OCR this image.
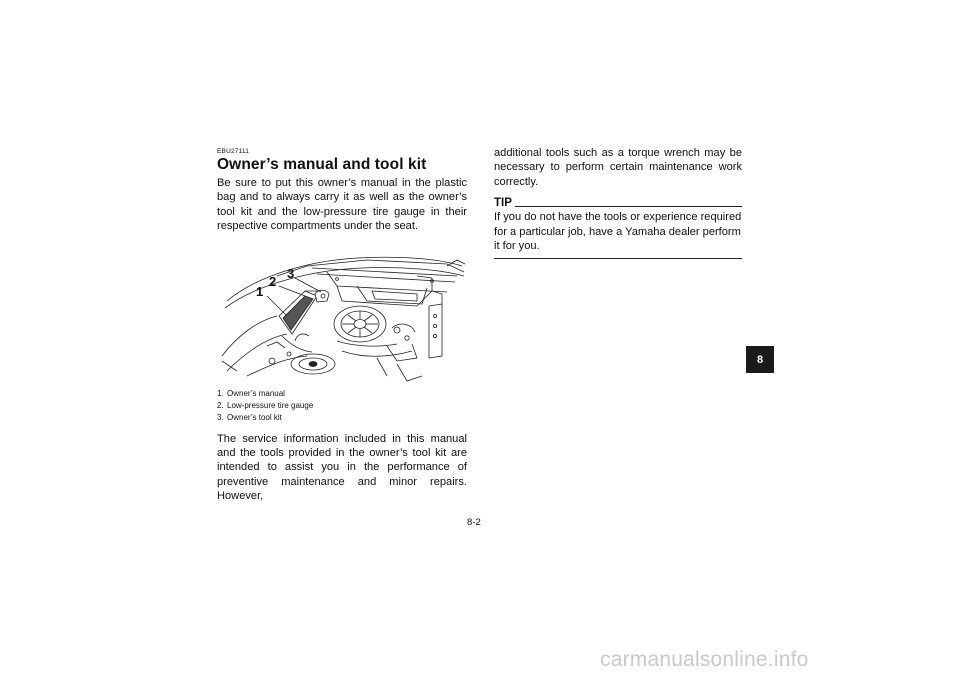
EBU27111

Owner’s manual and tool kit

Be sure to put this owner’s manual in the plastic bag and to always carry it as well as the owner’s tool kit and the low-pressure tire gauge in their respective compartments under the seat.

1
2
3

1. Owner’s manual

2. Low-pressure tire gauge

3. Owner’s tool kit

The service information included in this manual and the tools provided in the owner’s tool kit are intended to assist you in the performance of preventive maintenance and minor repairs. However,

additional tools such as a torque wrench may be necessary to perform certain maintenance work correctly.

TIP

If you do not have the tools or experience required for a particular job, have a Yamaha dealer perform it for you.

8
8-2
carmanualsonline.info
